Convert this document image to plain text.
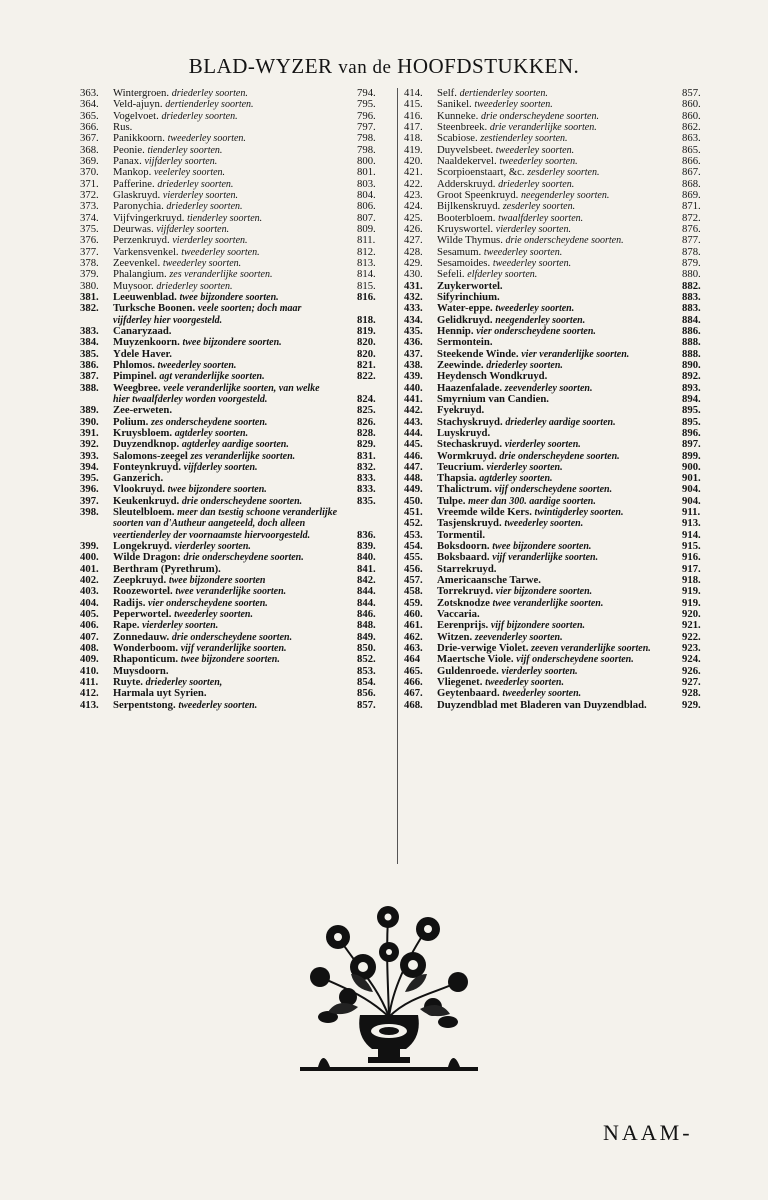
BLAD-WYZER van de HOOFDSTUKKEN.
363. Wintergroen. driederley soorten.	794.
364. Veld-ajuyn. dertienderley soorten.	795.
365. Vogelvoet. driederley soorten.	796.
366. Rus.	797.
367. Panikkoorn. tweederley soorten.	798.
368. Peonie. tienderley soorten.	798.
369. Panax. vijfderley soorten.	800.
370. Mankop. veelerley soorten.	801.
371. Pafferine. driederley soorten.	803.
372. Glaskruyd. vierderley soorten.	804.
373. Paronychia. driederley soorten.	806.
374. Vijfvingerkruyd. tienderley soorten.	807.
375. Deurwas. vijfderley soorten.	809.
376. Perzenkruyd. vierderley soorten.	811.
377. Varkensvenkel. tweederley soorten.	812.
378. Zeevenkel. tweederley soorten.	813.
379. Phalangium. zes veranderlijke soorten.	814.
380. Muysoor. driederley soorten.	815.
381. Leeuwenblad. twee bijzondere soorten.	816.
382. Turksche Boonen. veele soorten; doch maar
vijfderley hier voorgesteld.	818.
383. Canaryzaad.	819.
384. Muyzenkoorn. twee bijzondere soorten.	820.
385. Ydele Haver.	820.
386. Phlomos. tweederley soorten.	821.
387. Pimpinel. agt veranderlijke soorten.	822.
388. Weegbree. veele veranderlijke soorten, van welke
hier twaalfderley worden voorgesteld.	824.
389. Zee-erweten.	825.
390. Polium. zes onderscheydene soorten.	826.
391. Kruysbloem. agtderley soorten.	828.
392. Duyzendknop. agtderley aardige soorten.	829.
393. Salomons-zeegel zes veranderlijke soorten.	831.
394. Fonteynkruyd. vijfderley soorten.	832.
395. Ganzerich.	833.
396. Vlookruyd. twee bijzondere soorten.	833.
397. Keukenkruyd. drie onderscheydene soorten.	835.
398. Sleutelbloem. meer dan tsestig schoone veranderlijke
soorten van d'Autheur aangeteeld, doch alleen
veertienderley der voornaamste hiervoorgesteld.	836.
399. Longekruyd. vierderley soorten.	839.
400. Wilde Dragon: drie onderscheydene soorten.	840.
401. Berthram (Pyrethrum).	841.
402. Zeepkruyd. twee bijzondere soorten	842.
403. Roozewortel. twee veranderlijke soorten.	844.
404. Radijs. vier onderscheydene soorten.	844.
405. Peperwortel. tweederley soorten.	846.
406. Rape. vierderley soorten.	848.
407. Zonnedauw. drie onderscheydene soorten.	849.
408. Wonderboom. vijf veranderlijke soorten.	850.
409. Rhaponticum. twee bijzondere soorten.	852.
410. Muysdoorn.	853.
411. Ruyte. driederley soorten,	854.
412. Harmala uyt Syrien.	856.
413. Serpentstong. tweederley soorten.	857.
414. Self. dertienderley soorten.	857.
415. Sanikel. tweederley soorten.	860.
416. Kunneke. drie onderscheydene soorten.	860.
417. Steenbreek. drie veranderlijke soorten.	862.
418. Scabiose. zestienderley soorten.	863.
419. Duyvelsbeet. tweederley soorten.	865.
420. Naaldekervel. tweederley soorten.	866.
421. Scorpioenstaart, &c. zesderley soorten.	867.
422. Adderskruyd. driederley soorten.	868.
423. Groot Speenkruyd. neegenderley soorten.	869.
424. Bijlkenskruyd. zesderley soorten.	871.
425. Booterbloem. twaalfderley soorten.	872.
426. Kruyswortel. vierderley soorten.	876.
427. Wilde Thymus. drie onderscheydene soorten.	877.
428. Sesamum. tweederley soorten.	878.
429. Sesamoides. tweederley soorten.	879.
430. Sefeli. elfderley soorten.	880.
431. Zuykerwortel.	882.
432. Sifyrinchium.	883.
433. Water-eppe. tweederley soorten.	883.
434. Gelidkruyd. neegenderley soorten.	884.
435. Hennip. vier onderscheydene soorten.	886.
436. Sermontein.	888.
437. Steekende Winde. vier veranderlijke soorten.	888.
438. Zeewinde. driederley soorten.	890.
439. Heydensch Wondkruyd.	892.
440. Haazenfalade. zeevenderley soorten.	893.
441. Smyrnium van Candien.	894.
442. Fyekruyd.	895.
443. Stachyskruyd. driederley aardige soorten.	895.
444. Luyskruyd.	896.
445. Stechaskruyd. vierderley soorten.	897.
446. Wormkruyd. drie onderscheydene soorten.	899.
447. Teucrium. vierderley soorten.	900.
448. Thapsia. agtderley soorten.	901.
449. Thalictrum. vijf onderscheydene soorten.	904.
450. Tulpe. meer dan 300. aardige soorten.	904.
451. Vreemde wilde Kers. twintigderley soorten.	911.
452. Tasjenskruyd. tweederley soorten.	913.
453. Tormentil.	914.
454. Boksdoorn. twee bijzondere soorten.	915.
455. Boksbaard. vijf veranderlijke soorten.	916.
456. Starrekruyd.	917.
457. Americaansche Tarwe.	918.
458. Torrekruyd. vier bijzondere soorten.	919.
459. Zotsknodze twee veranderlijke soorten.	919.
460. Vaccaria.	920.
461. Eerenprijs. vijf bijzondere soorten.	921.
462. Witzen. zeevenderley soorten.	922.
463. Drie-verwige Violet. zeeven veranderlijke soorten.	923.
464 Maertsche Viole. vijf onderscheydene soorten.	924.
465. Guldenroede. vierderley soorten.	926.
466. Vliegenet. tweederley soorten.	927.
467. Geytenbaard. tweederley soorten.	928.
468. Duyzendblad met Bladeren van Duyzendblad.	929.
NAAM-
